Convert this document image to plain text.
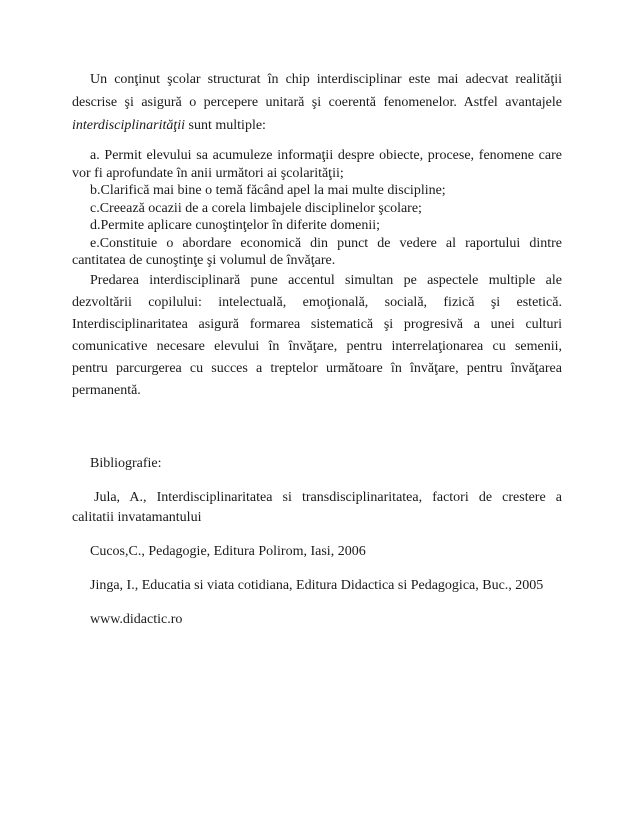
Un conţinut şcolar structurat în chip interdisciplinar este mai adecvat realităţii

descrise şi asigură o percepere unitară şi coerentă fenomenelor. Astfel avantajele

interdisciplinarităţii sunt multiple:

a. Permit elevului sa acumuleze informaţii despre obiecte, procese, fenomene care

vor fi aprofundate în anii următori ai şcolarităţii;

b.Clarifică mai bine o temă făcând apel la mai multe discipline;

c.Creează ocazii de a corela limbajele disciplinelor şcolare;

d.Permite aplicare cunoştinţelor în diferite domenii;

e.Constituie o abordare economică din punct de vedere al raportului dintre

cantitatea de cunoştinţe şi volumul de învăţare.

Predarea interdisciplinară pune accentul simultan pe aspectele multiple ale

dezvoltării copilului: intelectuală, emoţională, socială, fizică şi estetică.

Interdisciplinaritatea asigură formarea sistematică şi progresivă a unei culturi

comunicative necesare elevului în învăţare, pentru interrelaţionarea cu semenii,

pentru parcurgerea cu succes a treptelor următoare în învăţare, pentru învăţarea

permanentă.

Bibliografie:

Jula, A., Interdisciplinaritatea si transdisciplinaritatea, factori de crestere a

calitatii invatamantului

Cucos,C., Pedagogie, Editura Polirom, Iasi, 2006

Jinga, I., Educatia si viata cotidiana, Editura Didactica si Pedagogica, Buc., 2005

www.didactic.ro
